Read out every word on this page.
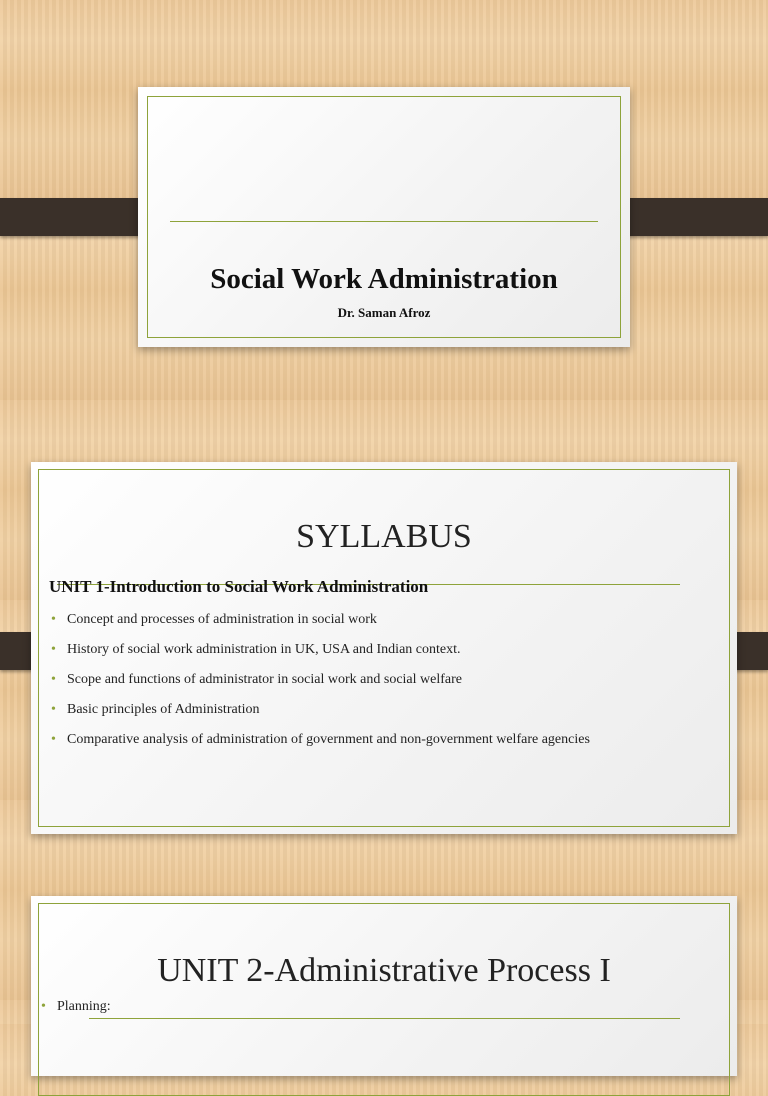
Social Work Administration
Dr. Saman Afroz
SYLLABUS
UNIT 1-Introduction to Social Work Administration
• Concept and processes of administration in social work
• History of social work administration in UK, USA and Indian context.
• Scope and functions of administrator in social work and social welfare
• Basic principles of Administration
• Comparative analysis of administration of government and non-government welfare agencies
UNIT 2-Administrative Process I
• Planning:
